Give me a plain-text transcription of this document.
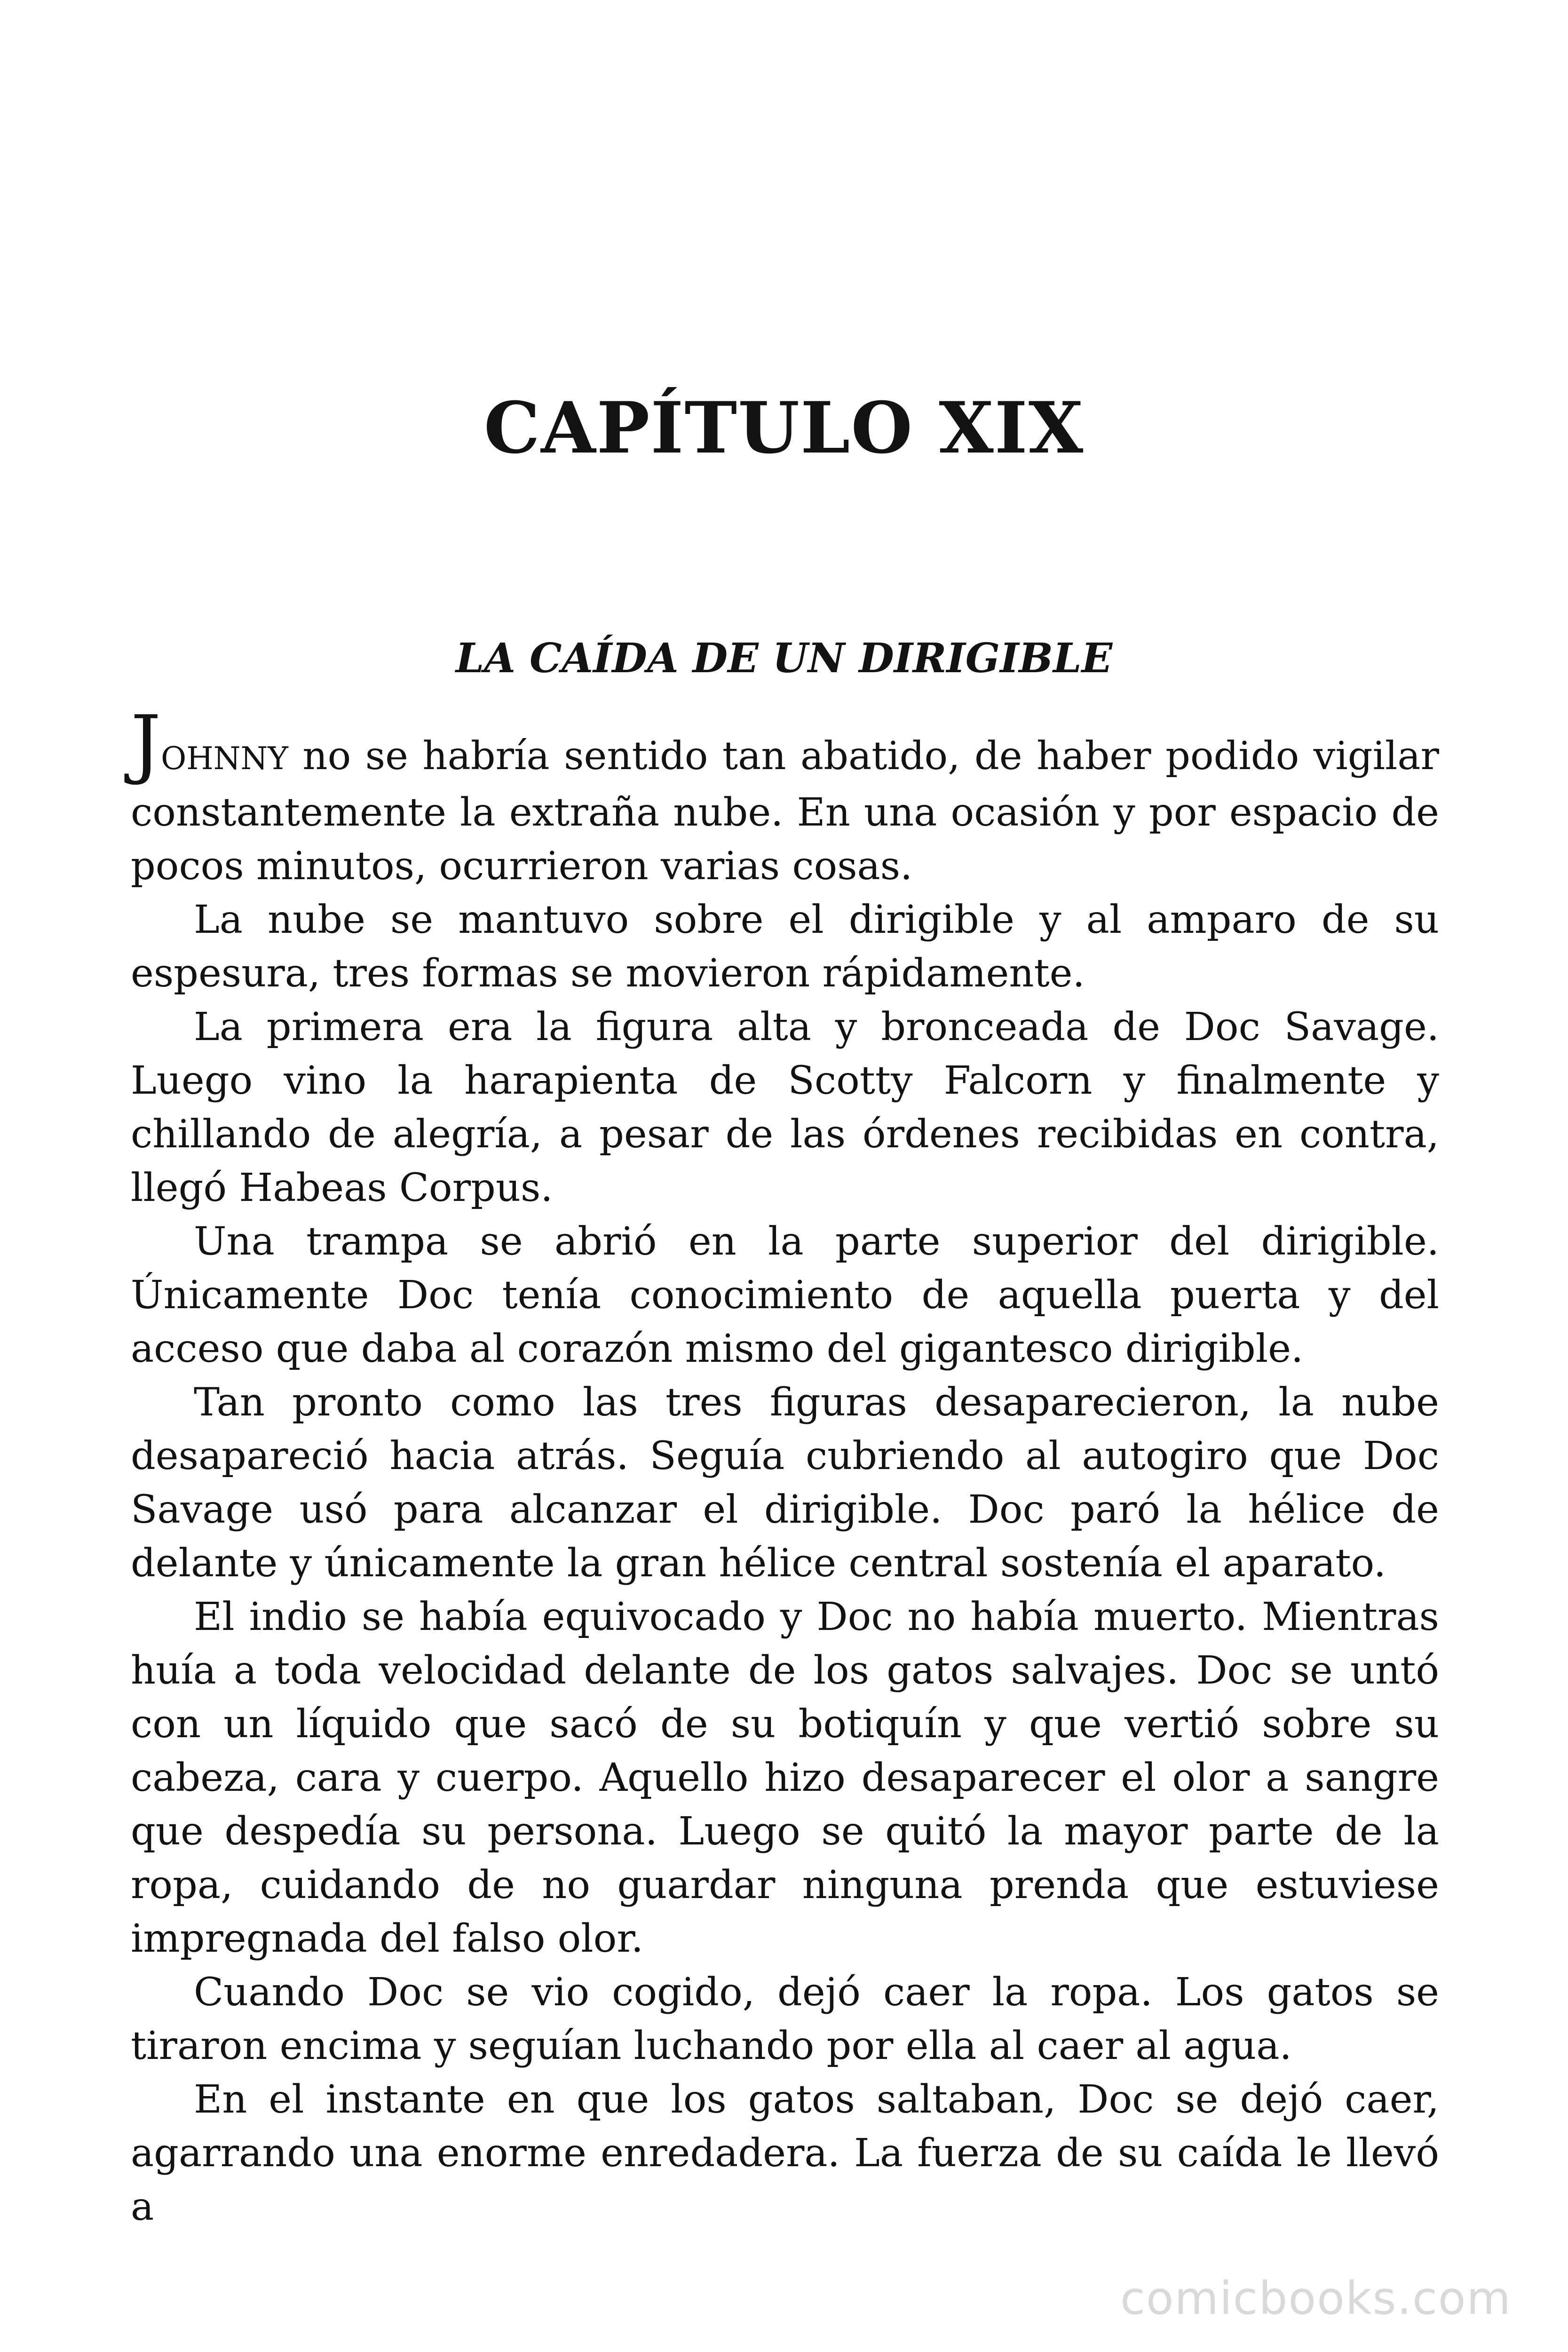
CAPÍTULO XIX
LA CAÍDA DE UN DIRIGIBLE

JOHNNY no se habría sentido tan abatido, de haber podido vigilar constantemente la extraña nube. En una ocasión y por espacio de pocos minutos, ocurrieron varias cosas.

La nube se mantuvo sobre el dirigible y al amparo de su espesura, tres formas se movieron rápidamente.

La primera era la figura alta y bronceada de Doc Savage. Luego vino la harapienta de Scotty Falcorn y finalmente y chillando de alegría, a pesar de las órdenes recibidas en contra, llegó Habeas Corpus.

Una trampa se abrió en la parte superior del dirigible. Únicamente Doc tenía conocimiento de aquella puerta y del acceso que daba al corazón mismo del gigantesco dirigible.

Tan pronto como las tres figuras desaparecieron, la nube desapareció hacia atrás. Seguía cubriendo al autogiro que Doc Savage usó para alcanzar el dirigible. Doc paró la hélice de delante y únicamente la gran hélice central sostenía el aparato.

El indio se había equivocado y Doc no había muerto. Mientras huía a toda velocidad delante de los gatos salvajes. Doc se untó con un líquido que sacó de su botiquín y que vertió sobre su cabeza, cara y cuerpo. Aquello hizo desaparecer el olor a sangre que despedía su persona. Luego se quitó la mayor parte de la ropa, cuidando de no guardar ninguna prenda que estuviese impregnada del falso olor.

Cuando Doc se vio cogido, dejó caer la ropa. Los gatos se tiraron encima y seguían luchando por ella al caer al agua.

En el instante en que los gatos saltaban, Doc se dejó caer, agarrando una enorme enredadera. La fuerza de su caída le llevó a

comicbooks.com
